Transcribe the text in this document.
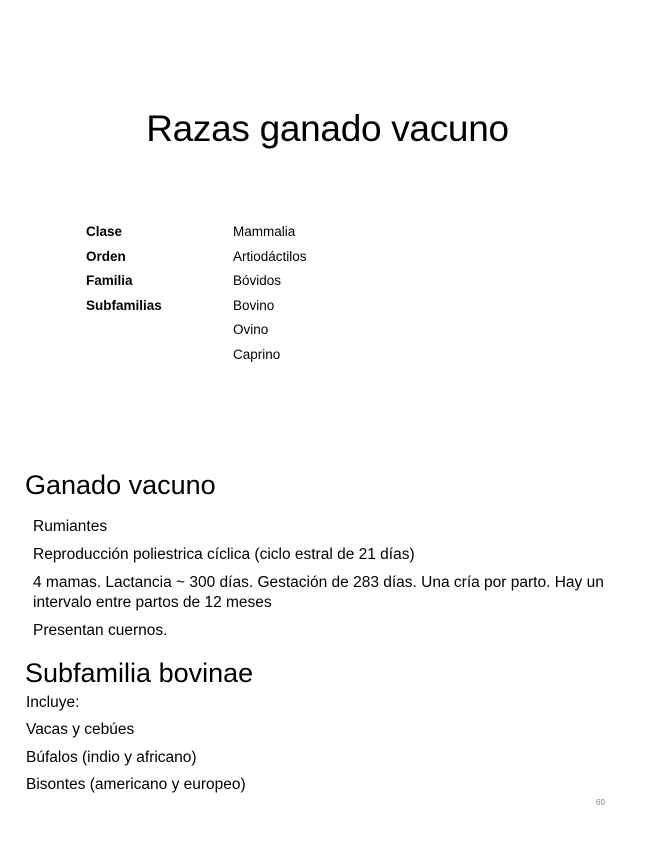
Razas ganado vacuno
Clase	Mammalia
Orden	Artiodáctilos
Familia	Bóvidos
Subfamilias	Bovino
Ovino
Caprino
Ganado vacuno
Rumiantes
Reproducción poliestrica cíclica (ciclo estral de 21 días)
4 mamas. Lactancia ~ 300 días. Gestación de 283 días. Una cría por parto. Hay un intervalo entre partos de 12 meses
Presentan cuernos.
Subfamilia bovinae
Incluye:
Vacas y cebúes
Búfalos (indio y africano)
Bisontes (americano y europeo)
60
